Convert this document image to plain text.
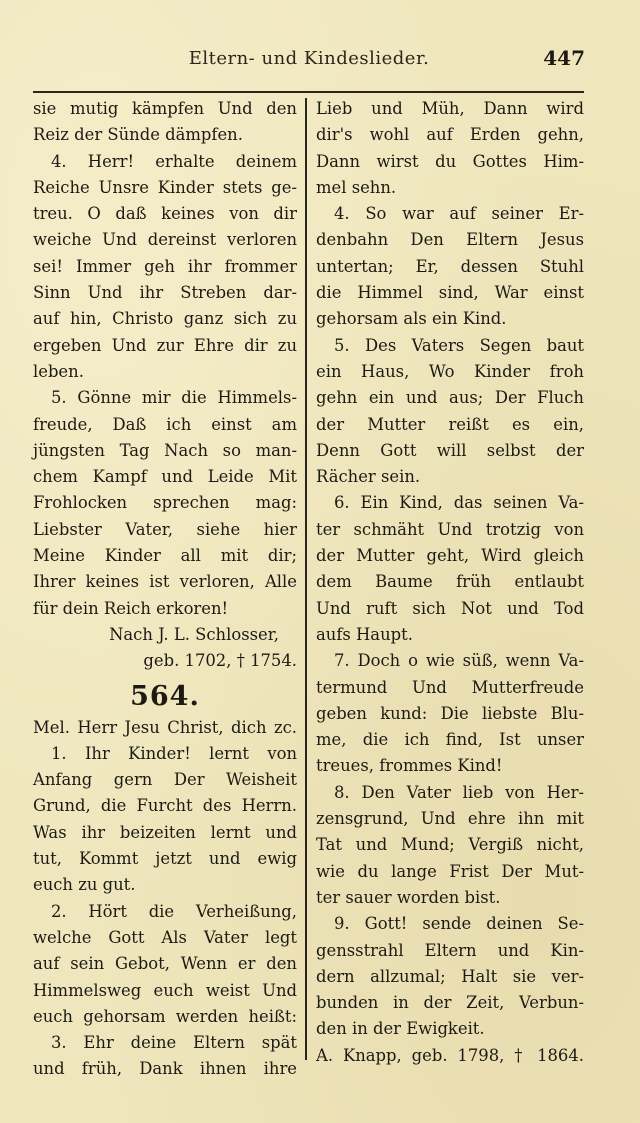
Eltern- und Kindeslieder.	447
sie mutig kämpfen Und den
Reiz der Sünde dämpfen.
4. Herr! erhalte deinem
Reiche Unsre Kinder stets ge-
treu. O daß keines von dir
weiche Und dereinst verloren
sei! Immer geh ihr frommer
Sinn Und ihr Streben dar-
auf hin, Christo ganz sich zu
ergeben Und zur Ehre dir zu
leben.
5. Gönne mir die Himmels-
freude, Daß ich einst am
jüngsten Tag Nach so man-
chem Kampf und Leide Mit
Frohlocken sprechen mag:
Liebster Vater, siehe hier
Meine Kinder all mit dir;
Ihrer keines ist verloren, Alle
für dein Reich erkoren!
Nach J. L. Schlosser,
geb. 1702, † 1754.
564.
Mel. Herr Jesu Christ, dich zc.
1. Ihr Kinder! lernt von
Anfang gern Der Weisheit
Grund, die Furcht des Herrn.
Was ihr beizeiten lernt und
tut, Kommt jetzt und ewig
euch zu gut.
2. Hört die Verheißung,
welche Gott Als Vater legt
auf sein Gebot, Wenn er den
Himmelsweg euch weist Und
euch gehorsam werden heißt:
3. Ehr deine Eltern spät
und früh, Dank ihnen ihre
Lieb und Müh, Dann wird
dir's wohl auf Erden gehn,
Dann wirst du Gottes Him-
mel sehn.
4. So war auf seiner Er-
denbahn Den Eltern Jesus
untertan; Er, dessen Stuhl
die Himmel sind, War einst
gehorsam als ein Kind.
5. Des Vaters Segen baut
ein Haus, Wo Kinder froh
gehn ein und aus; Der Fluch
der Mutter reißt es ein,
Denn Gott will selbst der
Rächer sein.
6. Ein Kind, das seinen Va-
ter schmäht Und trotzig von
der Mutter geht, Wird gleich
dem Baume früh entlaubt
Und ruft sich Not und Tod
aufs Haupt.
7. Doch o wie süß, wenn Va-
termund Und Mutterfreude
geben kund: Die liebste Blu-
me, die ich find, Ist unser
treues, frommes Kind!
8. Den Vater lieb von Her-
zensgrund, Und ehre ihn mit
Tat und Mund; Vergiß nicht,
wie du lange Frist Der Mut-
ter sauer worden bist.
9. Gott! sende deinen Se-
gensstrahl Eltern und Kin-
dern allzumal; Halt sie ver-
bunden in der Zeit, Verbun-
den in der Ewigkeit.
A. Knapp, geb. 1798, † 1864.
